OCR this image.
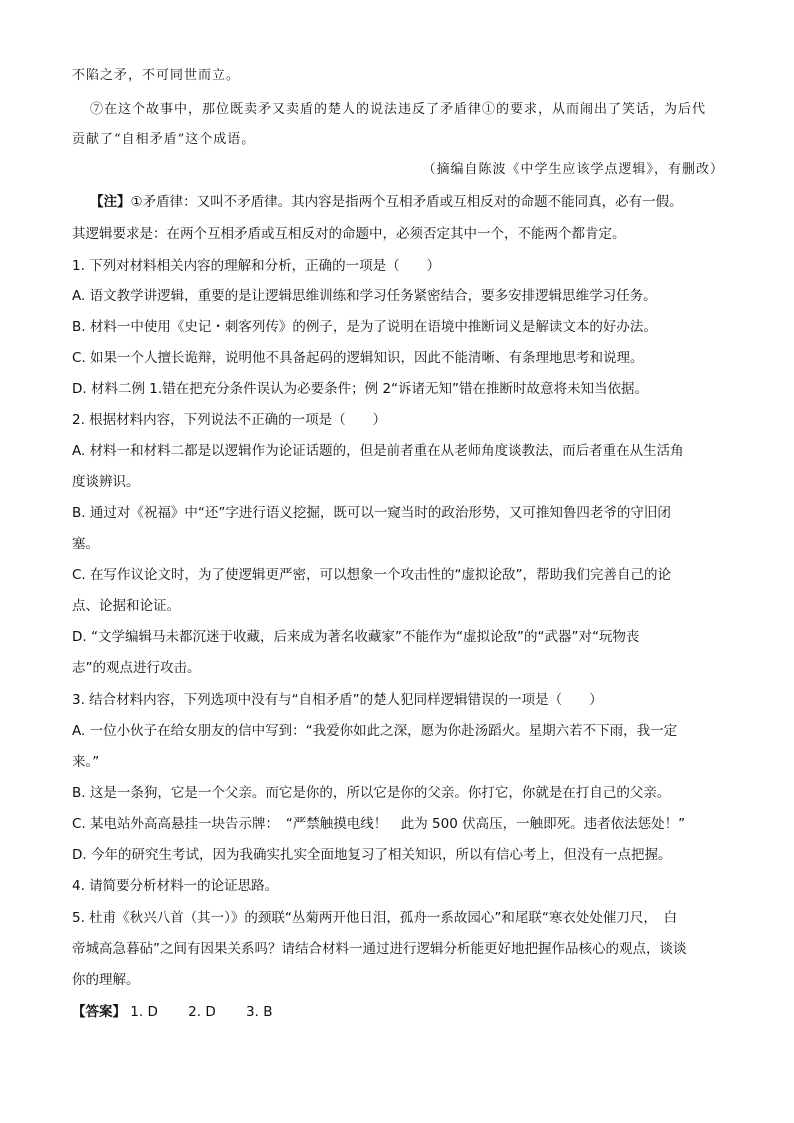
不陷之矛，不可同世而立。
⑦在这个故事中，那位既卖矛又卖盾的楚人的说法违反了矛盾律①的要求，从而闹出了笑话，为后代
贡献了“自相矛盾”这个成语。
（摘编自陈波《中学生应该学点逻辑》，有删改）
【注】①矛盾律：又叫不矛盾律。其内容是指两个互相矛盾或互相反对的命题不能同真，必有一假。
其逻辑要求是：在两个互相矛盾或互相反对的命题中，必须否定其中一个，不能两个都肯定。
1. 下列对材料相关内容的理解和分析，正确的一项是（　　）
A. 语文教学讲逻辑，重要的是让逻辑思维训练和学习任务紧密结合，要多安排逻辑思维学习任务。
B. 材料一中使用《史记・刺客列传》的例子，是为了说明在语境中推断词义是解读文本的好办法。
C. 如果一个人擅长诡辩，说明他不具备起码的逻辑知识，因此不能清晰、有条理地思考和说理。
D. 材料二例 1.错在把充分条件误认为必要条件；例 2“诉诸无知”错在推断时故意将未知当依据。
2. 根据材料内容，下列说法不正确的一项是（　　）
A. 材料一和材料二都是以逻辑作为论证话题的，但是前者重在从老师角度谈教法，而后者重在从生活角
度谈辨识。
B. 通过对《祝福》中“还”字进行语义挖掘，既可以一窥当时的政治形势，又可推知鲁四老爷的守旧闭
塞。
C. 在写作议论文时，为了使逻辑更严密，可以想象一个攻击性的“虚拟论敌”，帮助我们完善自己的论
点、论据和论证。
D. “文学编辑马未都沉迷于收藏，后来成为著名收藏家”不能作为“虚拟论敌”的“武器”对“玩物丧
志”的观点进行攻击。
3. 结合材料内容，下列选项中没有与“自相矛盾”的楚人犯同样逻辑错误的一项是（　　）
A. 一位小伙子在给女朋友的信中写到：“我爱你如此之深，愿为你赴汤蹈火。星期六若不下雨，我一定
来。”
B. 这是一条狗，它是一个父亲。而它是你的，所以它是你的父亲。你打它，你就是在打自己的父亲。
C. 某电站外高高悬挂一块告示牌：　“严禁触摸电线！　此为 500 伏高压，一触即死。违者依法惩处！”
D. 今年的研究生考试，因为我确实扎实全面地复习了相关知识，所以有信心考上，但没有一点把握。
4. 请简要分析材料一的论证思路。
5. 杜甫《秋兴八首（其一）》的颈联“丛菊两开他日泪，孤舟一系故园心”和尾联“寒衣处处催刀尺，　白
帝城高急暮砧”之间有因果关系吗？请结合材料一通过进行逻辑分析能更好地把握作品核心的观点，谈谈
你的理解。
【答案】 1. D 2. D 3. B
